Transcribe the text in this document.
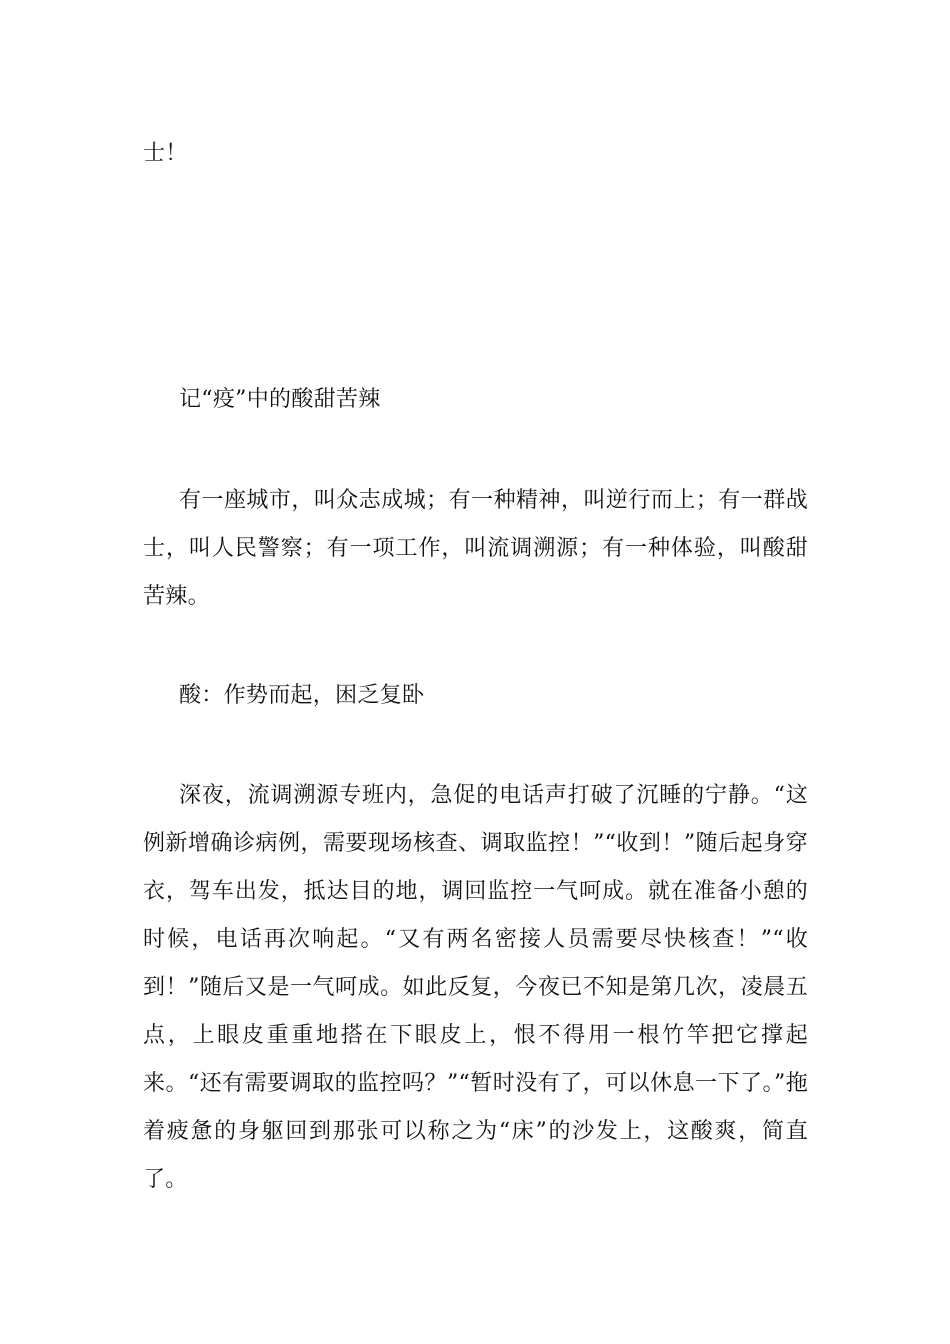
士！

记“疫”中的酸甜苦辣

有一座城市，叫众志成城；有一种精神，叫逆行而上；有一群战士，叫人民警察；有一项工作，叫流调溯源；有一种体验，叫酸甜苦辣。

酸：作势而起，困乏复卧

深夜，流调溯源专班内，急促的电话声打破了沉睡的宁静。“这例新增确诊病例，需要现场核查、调取监控！”“收到！”随后起身穿衣，驾车出发，抵达目的地，调回监控一气呵成。就在准备小憩的时候，电话再次响起。“又有两名密接人员需要尽快核查！”“收到！”随后又是一气呵成。如此反复，今夜已不知是第几次，凌晨五点，上眼皮重重地搭在下眼皮上，恨不得用一根竹竿把它撑起来。“还有需要调取的监控吗？”“暂时没有了，可以休息一下了。”拖着疲惫的身躯回到那张可以称之为“床”的沙发上，这酸爽，简直了。
